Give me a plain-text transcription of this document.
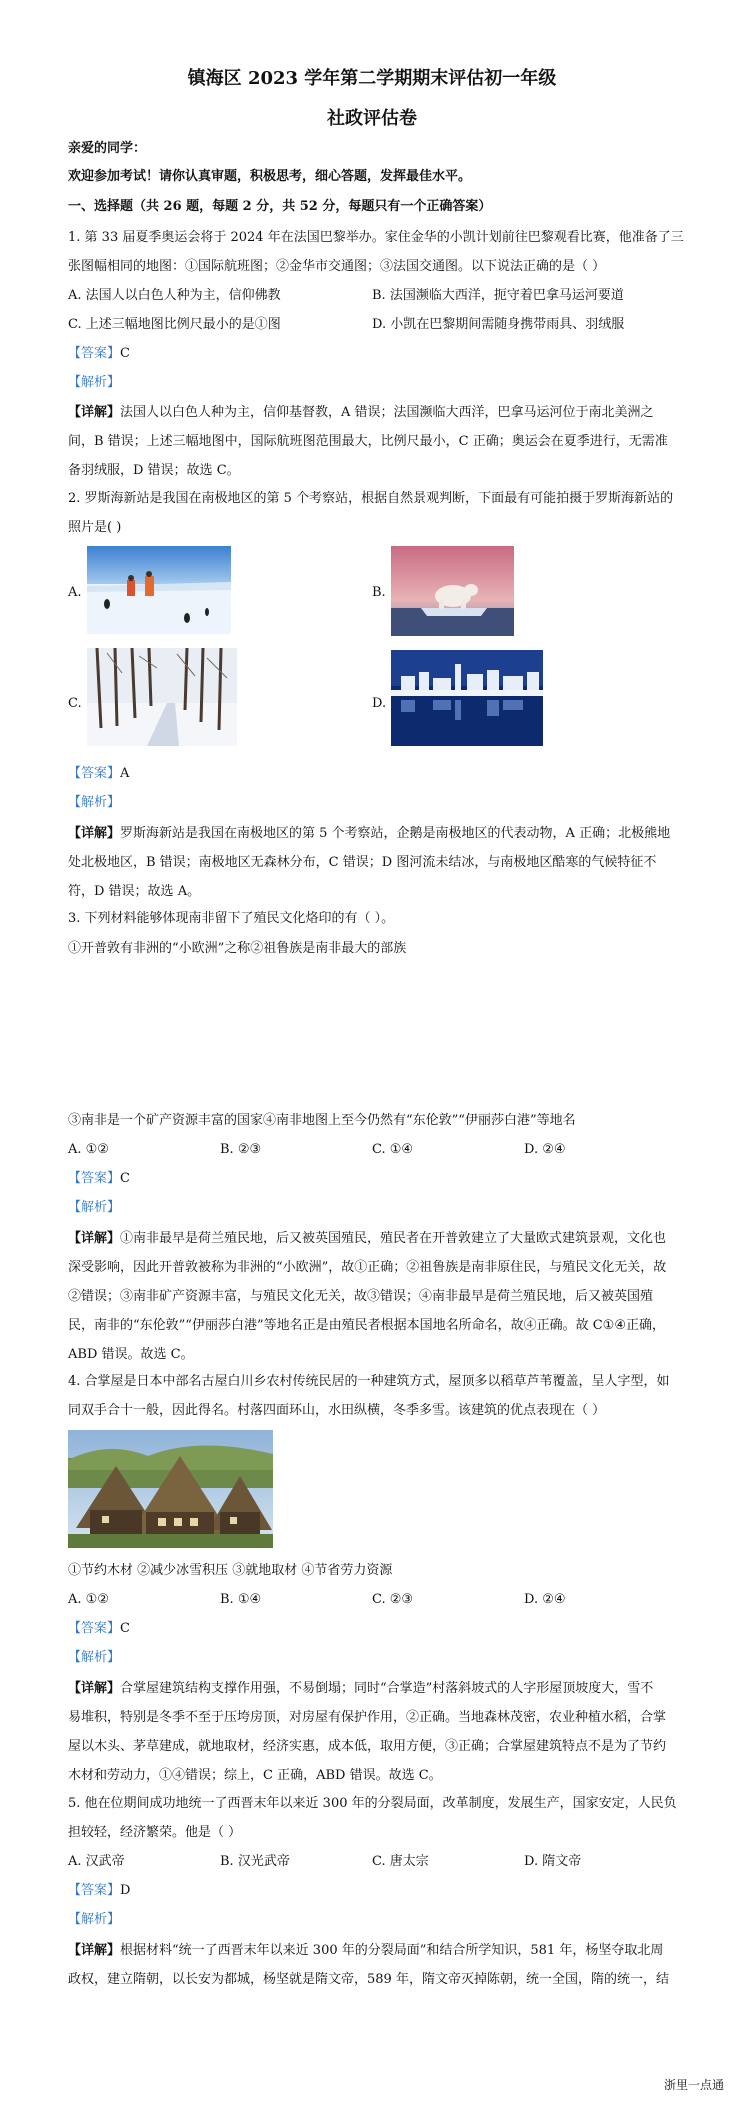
镇海区 2023 学年第二学期期末评估初一年级
社政评估卷
亲爱的同学：
欢迎参加考试！请你认真审题，积极思考，细心答题，发挥最佳水平。
一、选择题（共 26 题，每题 2 分，共 52 分，每题只有一个正确答案）
1. 第 33 届夏季奥运会将于 2024 年在法国巴黎举办。家住金华的小凯计划前往巴黎观看比赛，他准备了三
张图幅相同的地图：①国际航班图；②金华市交通图；③法国交通图。以下说法正确的是（ ）
A. 法国人以白色人种为主，信仰佛教	B. 法国濒临大西洋，扼守着巴拿马运河要道
C. 上述三幅地图比例尺最小的是①图	D. 小凯在巴黎期间需随身携带雨具、羽绒服
【答案】C
【解析】
【详解】法国人以白色人种为主，信仰基督教，A 错误；法国濒临大西洋，巴拿马运河位于南北美洲之
间，B 错误；上述三幅地图中，国际航班图范围最大，比例尺最小，C 正确；奥运会在夏季进行，无需准
备羽绒服，D 错误；故选 C。
2. 罗斯海新站是我国在南极地区的第 5 个考察站，根据自然景观判断，下面最有可能拍摄于罗斯海新站的
照片是( )
A.	B.
C.	D.
【答案】A
【解析】
【详解】罗斯海新站是我国在南极地区的第 5 个考察站，企鹅是南极地区的代表动物，A 正确；北极熊地
处北极地区，B 错误；南极地区无森林分布，C 错误；D 图河流未结冰，与南极地区酷寒的气候特征不
符，D 错误；故选 A。
3. 下列材料能够体现南非留下了殖民文化烙印的有（ ）。
①开普敦有非洲的“小欧洲”之称②祖鲁族是南非最大的部族
③南非是一个矿产资源丰富的国家④南非地图上至今仍然有“东伦敦”“伊丽莎白港”等地名
A. ①②	B. ②③	C. ①④	D. ②④
【答案】C
【解析】
【详解】①南非最早是荷兰殖民地，后又被英国殖民，殖民者在开普敦建立了大量欧式建筑景观，文化也
深受影响，因此开普敦被称为非洲的“小欧洲”，故①正确；②祖鲁族是南非原住民，与殖民文化无关，故
②错误；③南非矿产资源丰富，与殖民文化无关，故③错误；④南非最早是荷兰殖民地，后又被英国殖
民，南非的“东伦敦”“伊丽莎白港”等地名正是由殖民者根据本国地名所命名，故④正确。故 C①④正确，
ABD 错误。故选 C。
4. 合掌屋是日本中部名古屋白川乡农村传统民居的一种建筑方式，屋顶多以稻草芦苇覆盖，呈人字型，如
同双手合十一般，因此得名。村落四面环山，水田纵横，冬季多雪。该建筑的优点表现在（ ）
①节约木材 ②减少冰雪积压 ③就地取材 ④节省劳力资源
A. ①②	B. ①④	C. ②③	D. ②④
【答案】C
【解析】
【详解】合掌屋建筑结构支撑作用强，不易倒塌；同时“合掌造”村落斜坡式的人字形屋顶坡度大，雪不
易堆积，特别是冬季不至于压垮房顶，对房屋有保护作用，②正确。当地森林茂密，农业种植水稻，合掌
屋以木头、茅草建成，就地取材，经济实惠，成本低，取用方便，③正确；合掌屋建筑特点不是为了节约
木材和劳动力，①④错误；综上，C 正确，ABD 错误。故选 C。
5. 他在位期间成功地统一了西晋末年以来近 300 年的分裂局面，改革制度，发展生产，国家安定，人民负
担较轻，经济繁荣。他是（ ）
A. 汉武帝	B. 汉光武帝	C. 唐太宗	D. 隋文帝
【答案】D
【解析】
【详解】根据材料“统一了西晋末年以来近 300 年的分裂局面”和结合所学知识，581 年，杨坚夺取北周
政权，建立隋朝，以长安为都城，杨坚就是隋文帝，589 年，隋文帝灭掉陈朝，统一全国，隋的统一，结
浙里一点通
